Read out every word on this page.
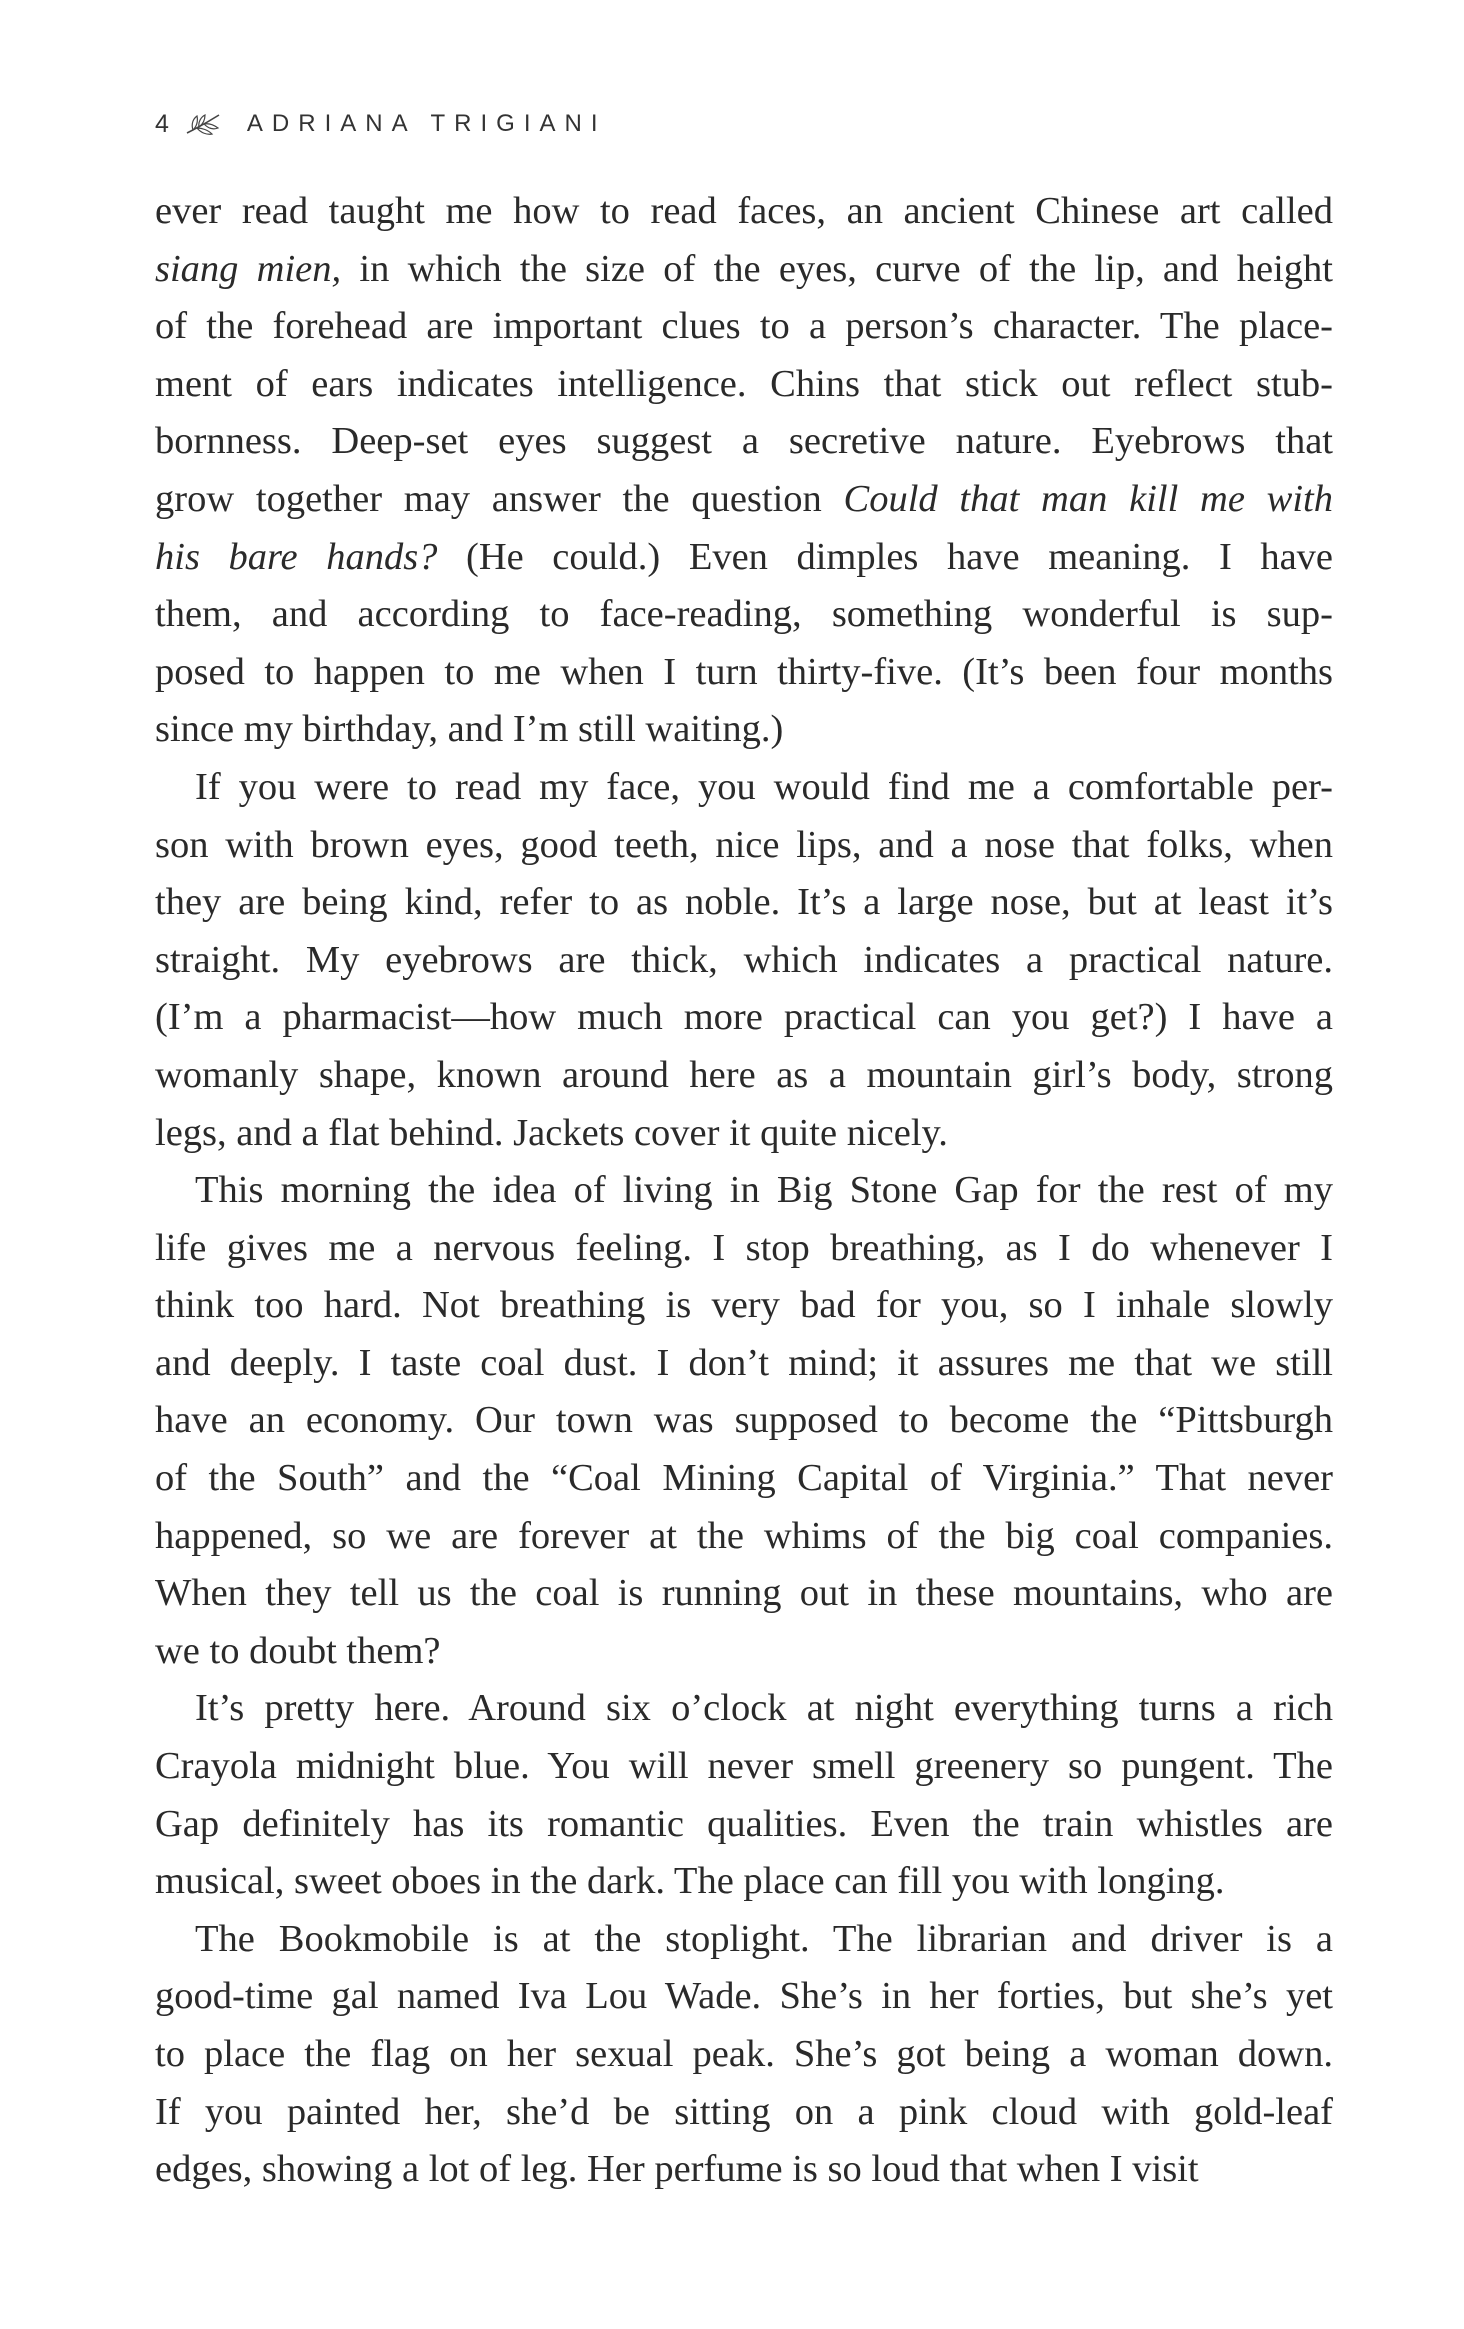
4	ADRIANA TRIGIANI
ever read taught me how to read faces, an ancient Chinese art called
siang mien, in which the size of the eyes, curve of the lip, and height
of the forehead are important clues to a person’s character. The place-
ment of ears indicates intelligence. Chins that stick out reflect stub-
bornness. Deep-set eyes suggest a secretive nature. Eyebrows that
grow together may answer the question Could that man kill me with
his bare hands? (He could.) Even dimples have meaning. I have
them, and according to face-reading, something wonderful is sup-
posed to happen to me when I turn thirty-five. (It’s been four months
since my birthday, and I’m still waiting.)
If you were to read my face, you would find me a comfortable per-
son with brown eyes, good teeth, nice lips, and a nose that folks, when
they are being kind, refer to as noble. It’s a large nose, but at least it’s
straight. My eyebrows are thick, which indicates a practical nature.
(I’m a pharmacist—how much more practical can you get?) I have a
womanly shape, known around here as a mountain girl’s body, strong
legs, and a flat behind. Jackets cover it quite nicely.
This morning the idea of living in Big Stone Gap for the rest of my
life gives me a nervous feeling. I stop breathing, as I do whenever I
think too hard. Not breathing is very bad for you, so I inhale slowly
and deeply. I taste coal dust. I don’t mind; it assures me that we still
have an economy. Our town was supposed to become the “Pittsburgh
of the South” and the “Coal Mining Capital of Virginia.” That never
happened, so we are forever at the whims of the big coal companies.
When they tell us the coal is running out in these mountains, who are
we to doubt them?
It’s pretty here. Around six o’clock at night everything turns a rich
Crayola midnight blue. You will never smell greenery so pungent. The
Gap definitely has its romantic qualities. Even the train whistles are
musical, sweet oboes in the dark. The place can fill you with longing.
The Bookmobile is at the stoplight. The librarian and driver is a
good-time gal named Iva Lou Wade. She’s in her forties, but she’s yet
to place the flag on her sexual peak. She’s got being a woman down.
If you painted her, she’d be sitting on a pink cloud with gold-leaf
edges, showing a lot of leg. Her perfume is so loud that when I visit
